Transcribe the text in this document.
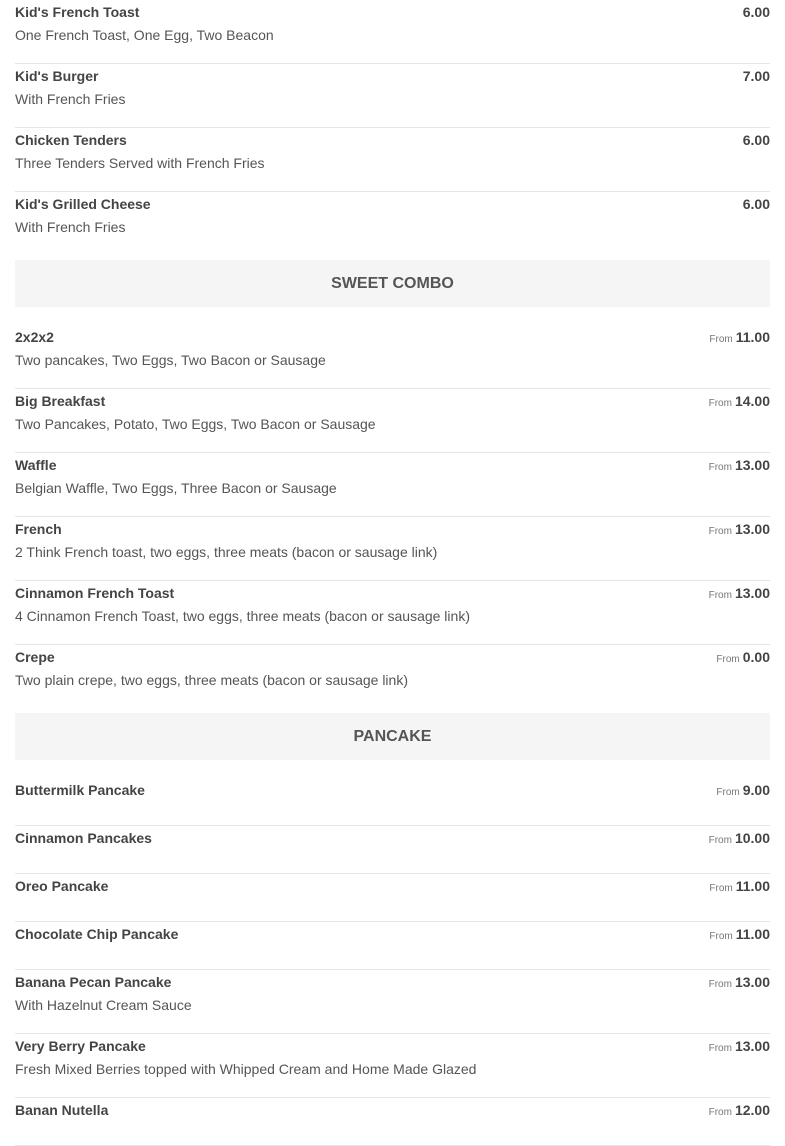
Kid's French Toast
One French Toast, One Egg, Two Beacon
6.00
Kid's Burger
With French Fries
7.00
Chicken Tenders
Three Tenders Served with French Fries
6.00
Kid's Grilled Cheese
With French Fries
6.00
SWEET COMBO
2x2x2
Two pancakes, Two Eggs, Two Bacon or Sausage
From 11.00
Big Breakfast
Two Pancakes, Potato, Two Eggs, Two Bacon or Sausage
From 14.00
Waffle
Belgian Waffle, Two Eggs, Three Bacon or Sausage
From 13.00
French
2 Think French toast, two eggs, three meats (bacon or sausage link)
From 13.00
Cinnamon French Toast
4 Cinnamon French Toast, two eggs, three meats (bacon or sausage link)
From 13.00
Crepe
Two plain crepe, two eggs, three meats (bacon or sausage link)
From 0.00
PANCAKE
Buttermilk Pancake	From 9.00
Cinnamon Pancakes	From 10.00
Oreo Pancake	From 11.00
Chocolate Chip Pancake	From 11.00
Banana Pecan Pancake
With Hazelnut Cream Sauce
From 13.00
Very Berry Pancake
Fresh Mixed Berries topped with Whipped Cream and Home Made Glazed
From 13.00
Banan Nutella	From 12.00
